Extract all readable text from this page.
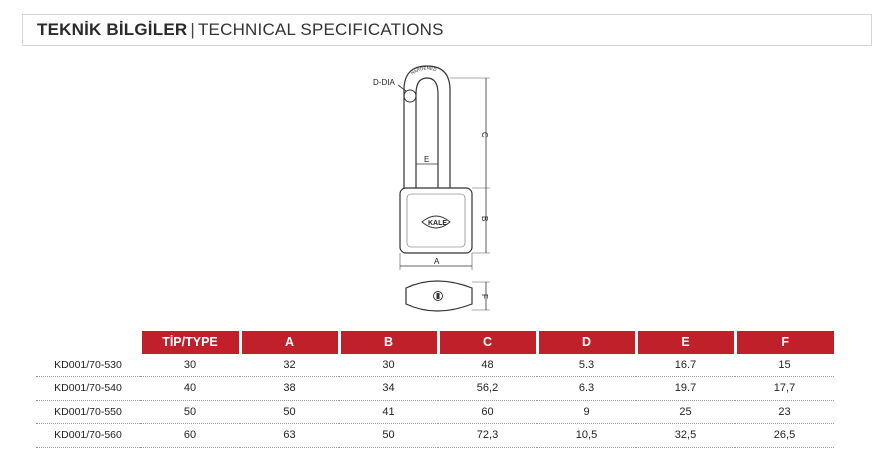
TEKNİK BİLGİLER | TECHNICAL SPECIFICATIONS
HARDENED
D-DIA
E
C
KALE
B
A
F
	TİP/TYPE	A	B	C	D	E	F
KD001/70-530	30	32	30	48	5.3	16.7	15
KD001/70-540	40	38	34	56,2	6.3	19.7	17,7
KD001/70-550	50	50	41	60	9	25	23
KD001/70-560	60	63	50	72,3	10,5	32,5	26,5
